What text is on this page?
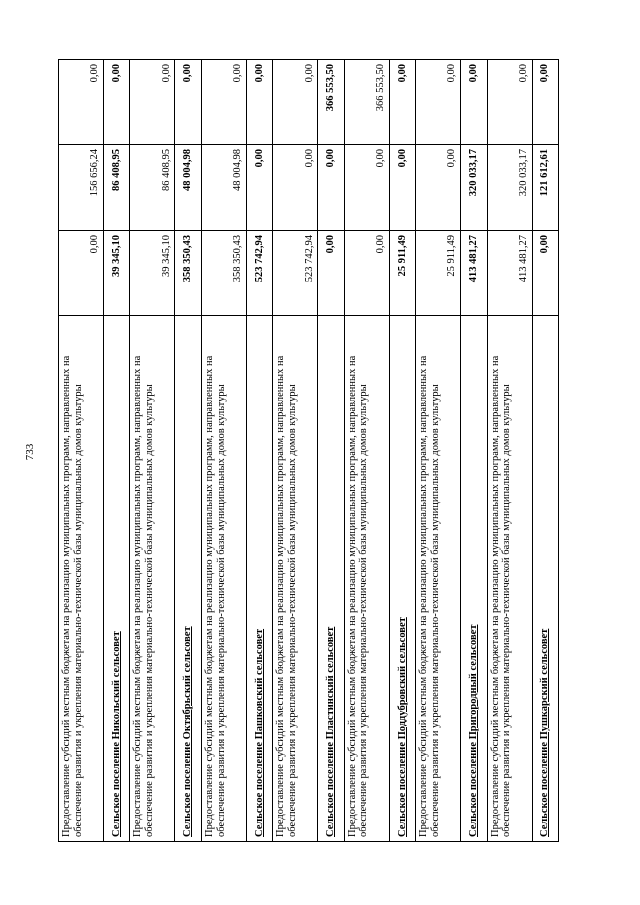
733 Предоставление субсидий местным бюджетам на реализацию муниципальных программ, направленных на обеспечение развития и укрепления материально-технической базы муниципальных домов культуры	0,00	156 656,24	0,00
Сельское поселение Никольский сельсовет	39 345,10	86 408,95	0,00
Предоставление субсидий местным бюджетам на реализацию муниципальных программ, направленных на обеспечение развития и укрепления материально-технической базы муниципальных домов культуры	39 345,10	86 408,95	0,00
Сельское поселение Октябрьский сельсовет	358 350,43	48 004,98	0,00
Предоставление субсидий местным бюджетам на реализацию муниципальных программ, направленных на обеспечение развития и укрепления материально-технической базы муниципальных домов культуры	358 350,43	48 004,98	0,00
Сельское поселение Пашковский сельсовет	523 742,94	0,00	0,00
Предоставление субсидий местным бюджетам на реализацию муниципальных программ, направленных на обеспечение развития и укрепления материально-технической базы муниципальных домов культуры	523 742,94	0,00	0,00
Сельское поселение Пластинский сельсовет	0,00	0,00	366 553,50
Предоставление субсидий местным бюджетам на реализацию муниципальных программ, направленных на обеспечение развития и укрепления материально-технической базы муниципальных домов культуры	0,00	0,00	366 553,50
Сельское поселение Поддубровский сельсовет	25 911,49	0,00	0,00
Предоставление субсидий местным бюджетам на реализацию муниципальных программ, направленных на обеспечение развития и укрепления материально-технической базы муниципальных домов культуры	25 911,49	0,00	0,00
Сельское поселение Пригородный сельсовет	413 481,27	320 033,17	0,00
Предоставление субсидий местным бюджетам на реализацию муниципальных программ, направленных на обеспечение развития и укрепления материально-технической базы муниципальных домов культуры	413 481,27	320 033,17	0,00
Сельское поселение Пушкарский сельсовет	0,00	121 612,61	0,00
